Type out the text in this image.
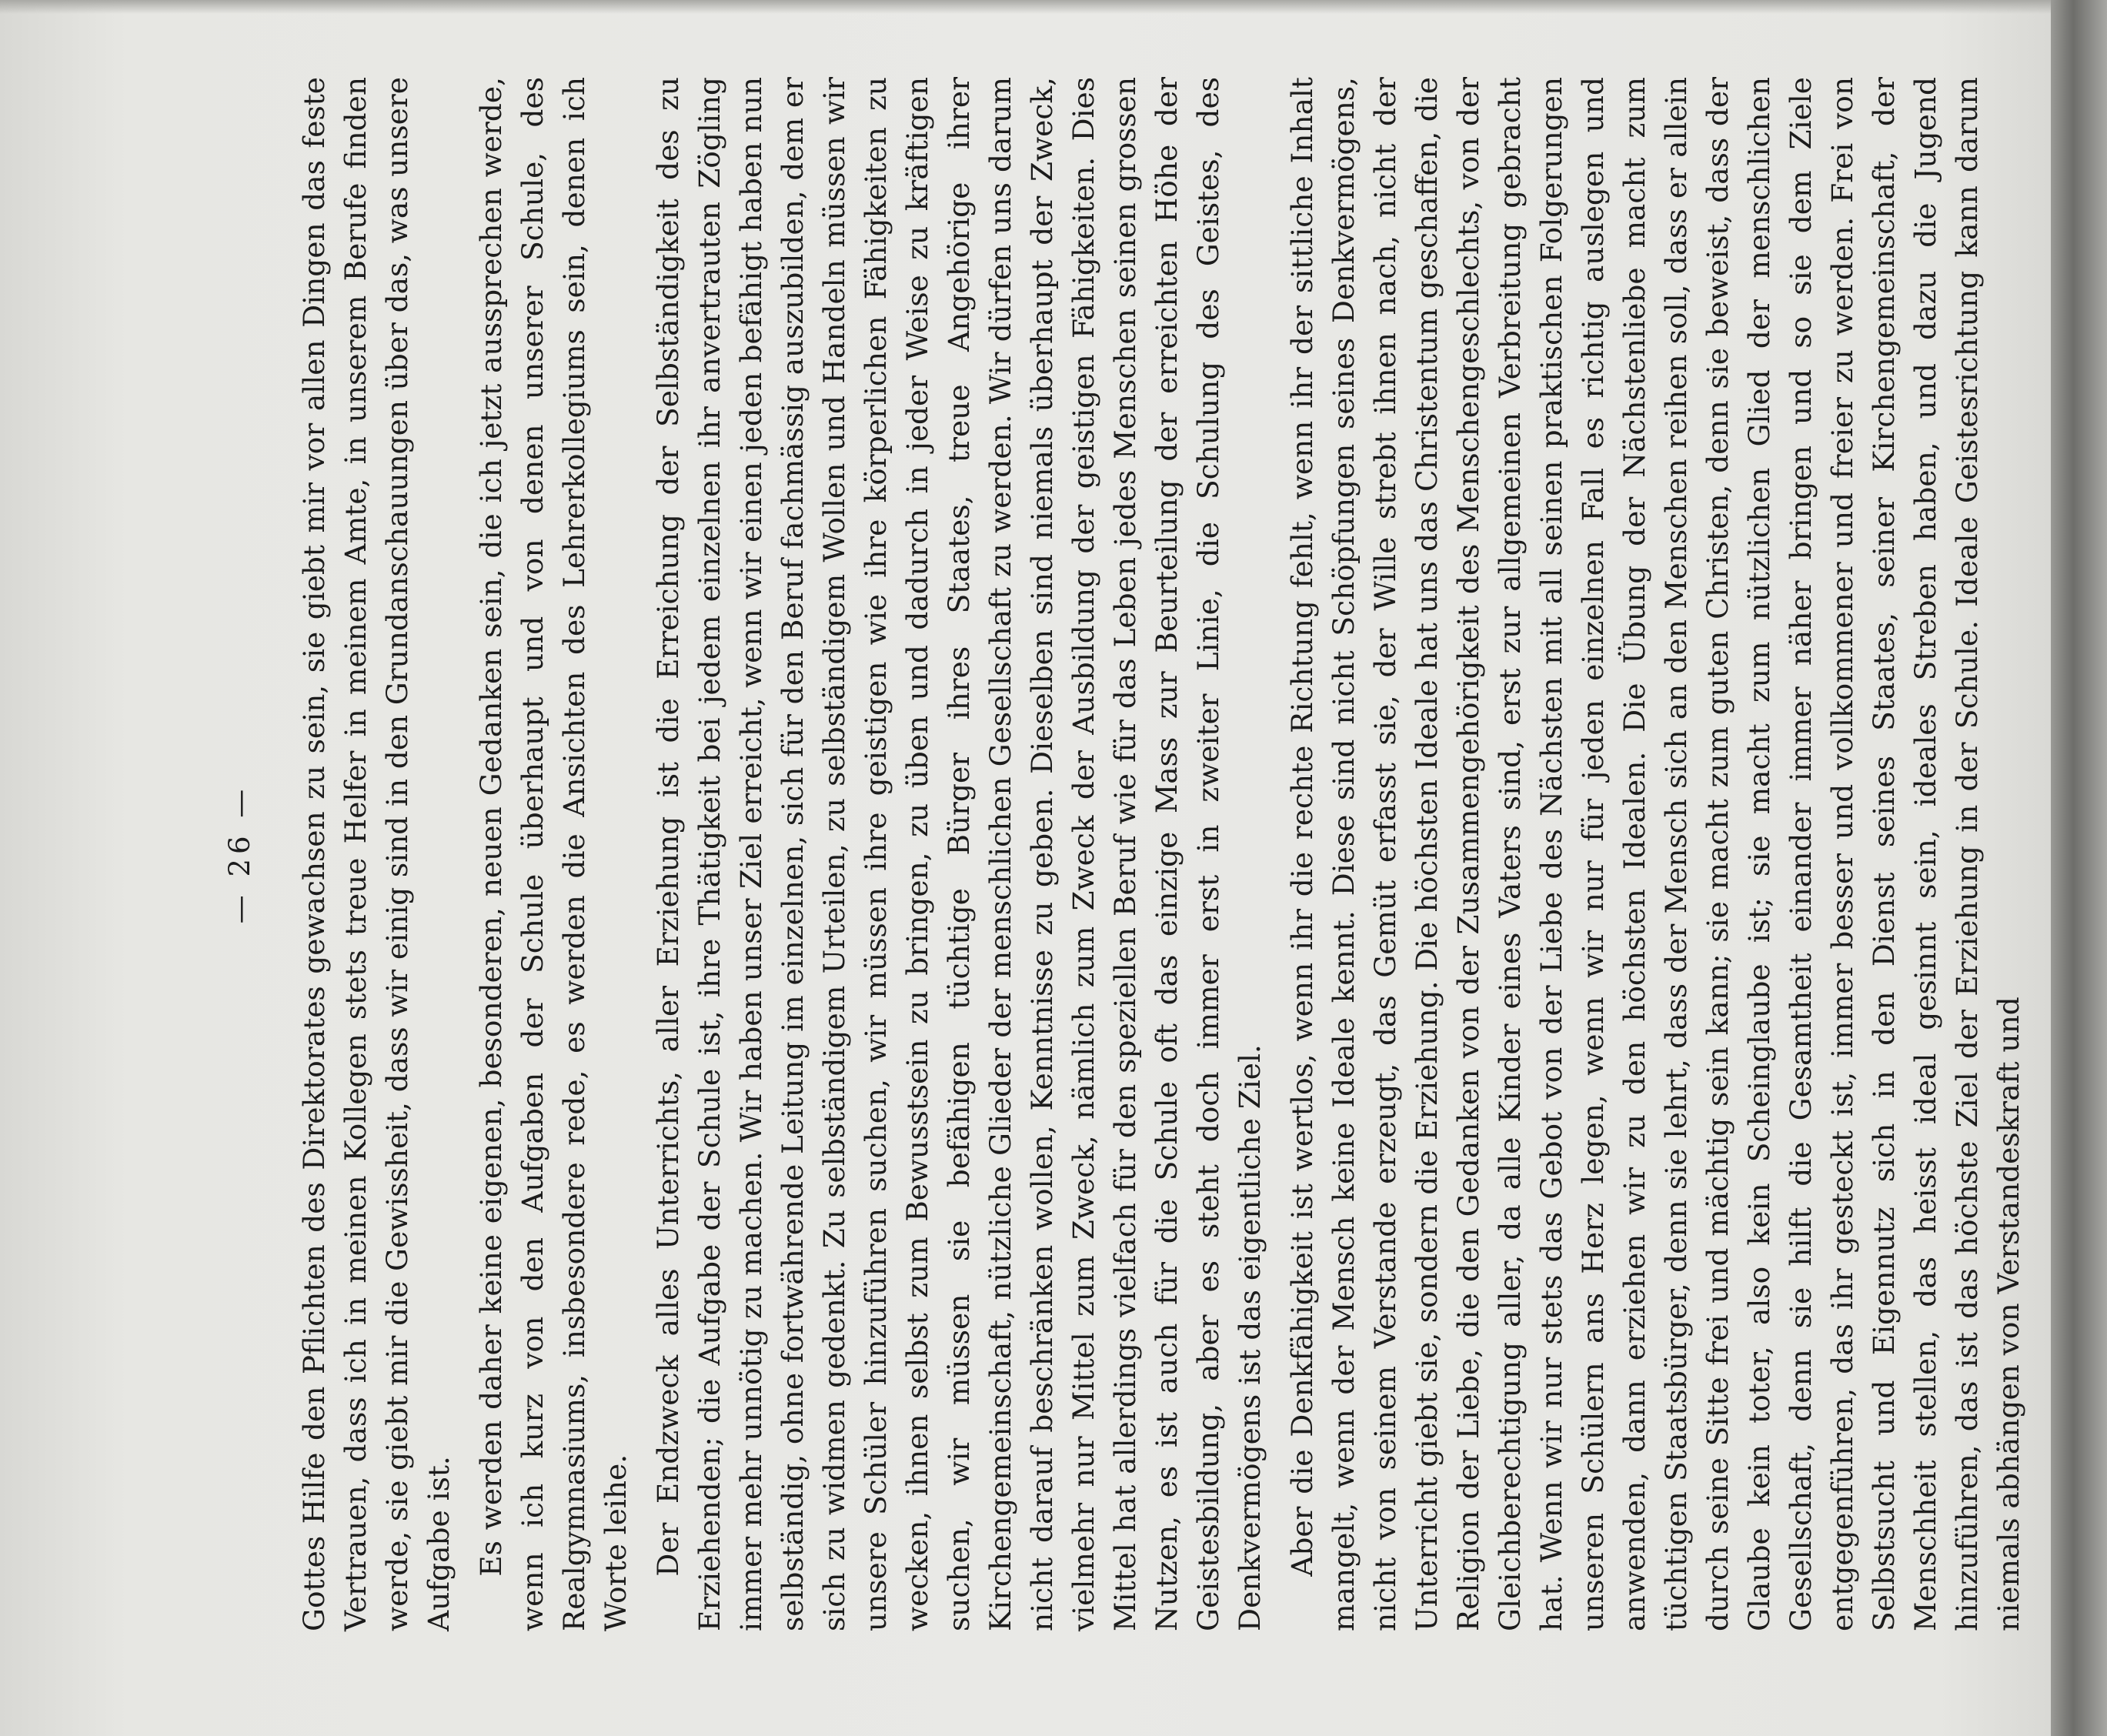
— 26 — Gottes Hilfe den Pflichten des Direktorates gewachsen zu sein, sie giebt mir vor allen Dingen das feste Vertrauen, dass ich in meinen Kollegen stets treue Helfer in meinem Amte, in unserem Berufe finden werde, sie giebt mir die Gewissheit, dass wir einig sind in den Grundanschauungen über das, was unsere Aufgabe ist. Es werden daher keine eigenen, besonderen, neuen Gedanken sein, die ich jetzt aussprechen werde, wenn ich kurz von den Aufgaben der Schule überhaupt und von denen unserer Schule, des Realgymnasiums, insbesondere rede, es werden die Ansichten des Lehrerkollegiums sein, denen ich Worte leihe. Der Endzweck alles Unterrichts, aller Erziehung ist die Erreichung der Selbständigkeit des zu Erziehenden; die Aufgabe der Schule ist, ihre Thätigkeit bei jedem einzelnen ihr anvertrauten Zögling immer mehr unnötig zu machen. Wir haben unser Ziel erreicht, wenn wir einen jeden befähigt haben nun selbständig, ohne fortwährende Leitung im einzelnen, sich für den Beruf fachmässig auszubilden, dem er sich zu widmen gedenkt. Zu selbständigem Urteilen, zu selbständigem Wollen und Handeln müssen wir unsere Schüler hinzuführen suchen, wir müssen ihre geistigen wie ihre körperlichen Fähigkeiten zu wecken, ihnen selbst zum Bewusstsein zu bringen, zu üben und dadurch in jeder Weise zu kräftigen suchen, wir müssen sie befähigen tüchtige Bürger ihres Staates, treue Angehörige ihrer Kirchengemeinschaft, nützliche Glieder der menschlichen Gesellschaft zu werden. Wir dürfen uns darum nicht darauf beschränken wollen, Kenntnisse zu geben. Dieselben sind niemals überhaupt der Zweck, vielmehr nur Mittel zum Zweck, nämlich zum Zweck der Ausbildung der geistigen Fähigkeiten. Dies Mittel hat allerdings vielfach für den speziellen Beruf wie für das Leben jedes Menschen seinen grossen Nutzen, es ist auch für die Schule oft das einzige Mass zur Beurteilung der erreichten Höhe der Geistesbildung, aber es steht doch immer erst in zweiter Linie, die Schulung des Geistes, des Denkvermögens ist das eigentliche Ziel. Aber die Denkfähigkeit ist wertlos, wenn ihr die rechte Richtung fehlt, wenn ihr der sittliche Inhalt mangelt, wenn der Mensch keine Ideale kennt. Diese sind nicht Schöpfungen seines Denkvermögens, nicht von seinem Verstande erzeugt, das Gemüt erfasst sie, der Wille strebt ihnen nach, nicht der Unterricht giebt sie, sondern die Erziehung. Die höchsten Ideale hat uns das Christentum geschaffen, die Religion der Liebe, die den Gedanken von der Zusammengehörigkeit des Menschengeschlechts, von der Gleichberechtigung aller, da alle Kinder eines Vaters sind, erst zur allgemeinen Verbreitung gebracht hat. Wenn wir nur stets das Gebot von der Liebe des Nächsten mit all seinen praktischen Folgerungen unseren Schülern ans Herz legen, wenn wir nur für jeden einzelnen Fall es richtig auslegen und anwenden, dann erziehen wir zu den höchsten Idealen. Die Übung der Nächstenliebe macht zum tüchtigen Staatsbürger, denn sie lehrt, dass der Mensch sich an den Menschen reihen soll, dass er allein durch seine Sitte frei und mächtig sein kann; sie macht zum guten Christen, denn sie beweist, dass der Glaube kein toter, also kein Scheinglaube ist; sie macht zum nützlichen Glied der menschlichen Gesellschaft, denn sie hilft die Gesamtheit einander immer näher bringen und so sie dem Ziele entgegenführen, das ihr gesteckt ist, immer besser und vollkommener und freier zu werden. Frei von Selbstsucht und Eigennutz sich in den Dienst seines Staates, seiner Kirchengemeinschaft, der Menschheit stellen, das heisst ideal gesinnt sein, ideales Streben haben, und dazu die Jugend hinzuführen, das ist das höchste Ziel der Erziehung in der Schule. Ideale Geistesrichtung kann darum niemals abhängen von Verstandeskraft und
